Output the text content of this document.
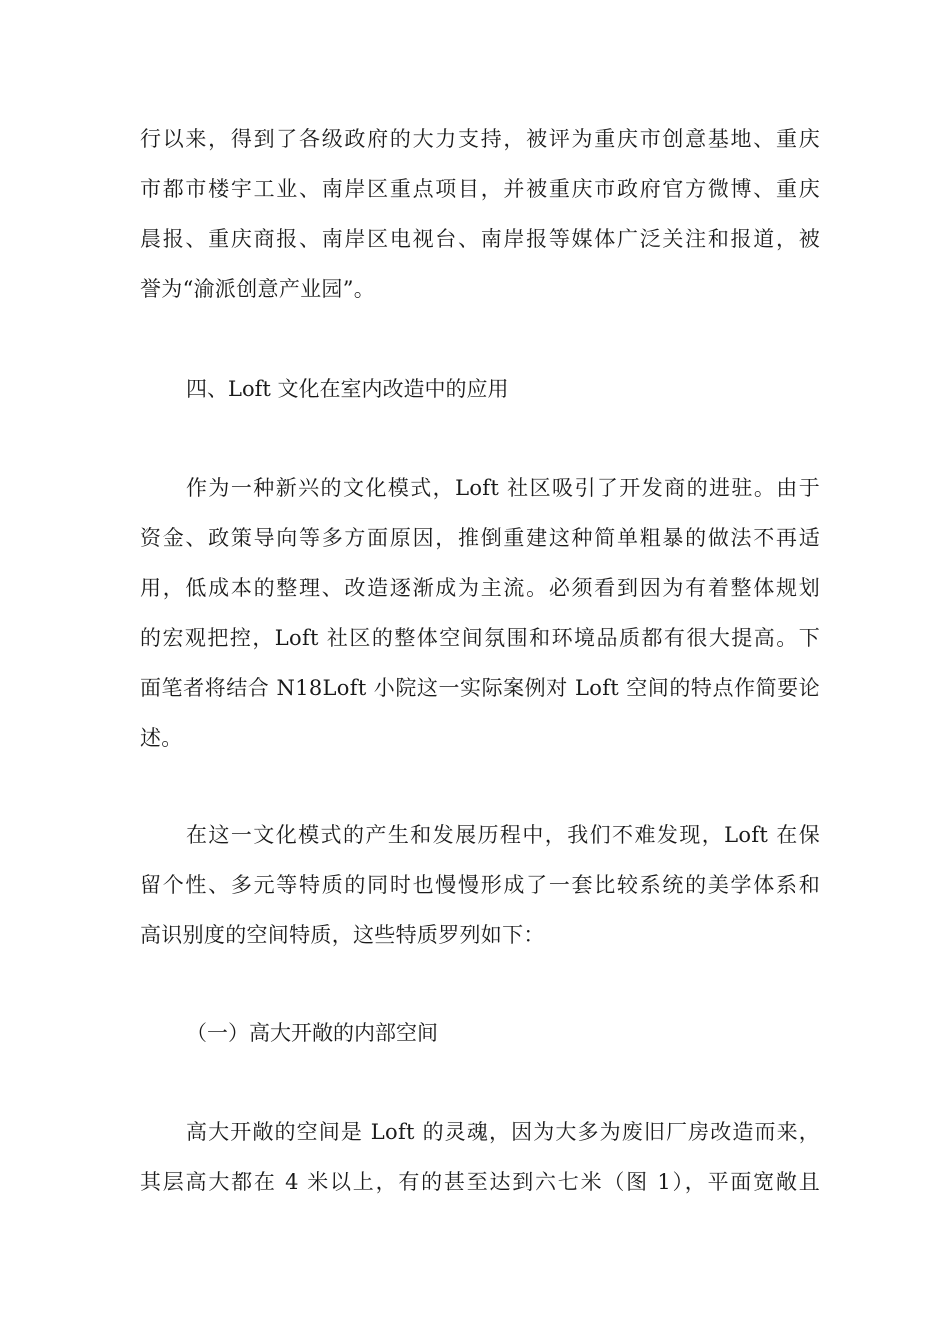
行以来，得到了各级政府的大力支持，被评为重庆市创意基地、重庆
市都市楼宇工业、南岸区重点项目，并被重庆市政府官方微博、重庆
晨报、重庆商报、南岸区电视台、南岸报等媒体广泛关注和报道，被
誉为“渝派创意产业园”。
四、Loft 文化在室内改造中的应用
作为一种新兴的文化模式，Loft 社区吸引了开发商的进驻。由于
资金、政策导向等多方面原因，推倒重建这种简单粗暴的做法不再适
用，低成本的整理、改造逐渐成为主流。必须看到因为有着整体规划
的宏观把控，Loft 社区的整体空间氛围和环境品质都有很大提高。下
面笔者将结合 N18Loft 小院这一实际案例对 Loft 空间的特点作简要论
述。
在这一文化模式的产生和发展历程中，我们不难发现，Loft 在保
留个性、多元等特质的同时也慢慢形成了一套比较系统的美学体系和
高识别度的空间特质，这些特质罗列如下：
（一）高大开敞的内部空间
高大开敞的空间是 Loft 的灵魂，因为大多为废旧厂房改造而来，
其层高大都在 4 米以上，有的甚至达到六七米（图 1），平面宽敞且
